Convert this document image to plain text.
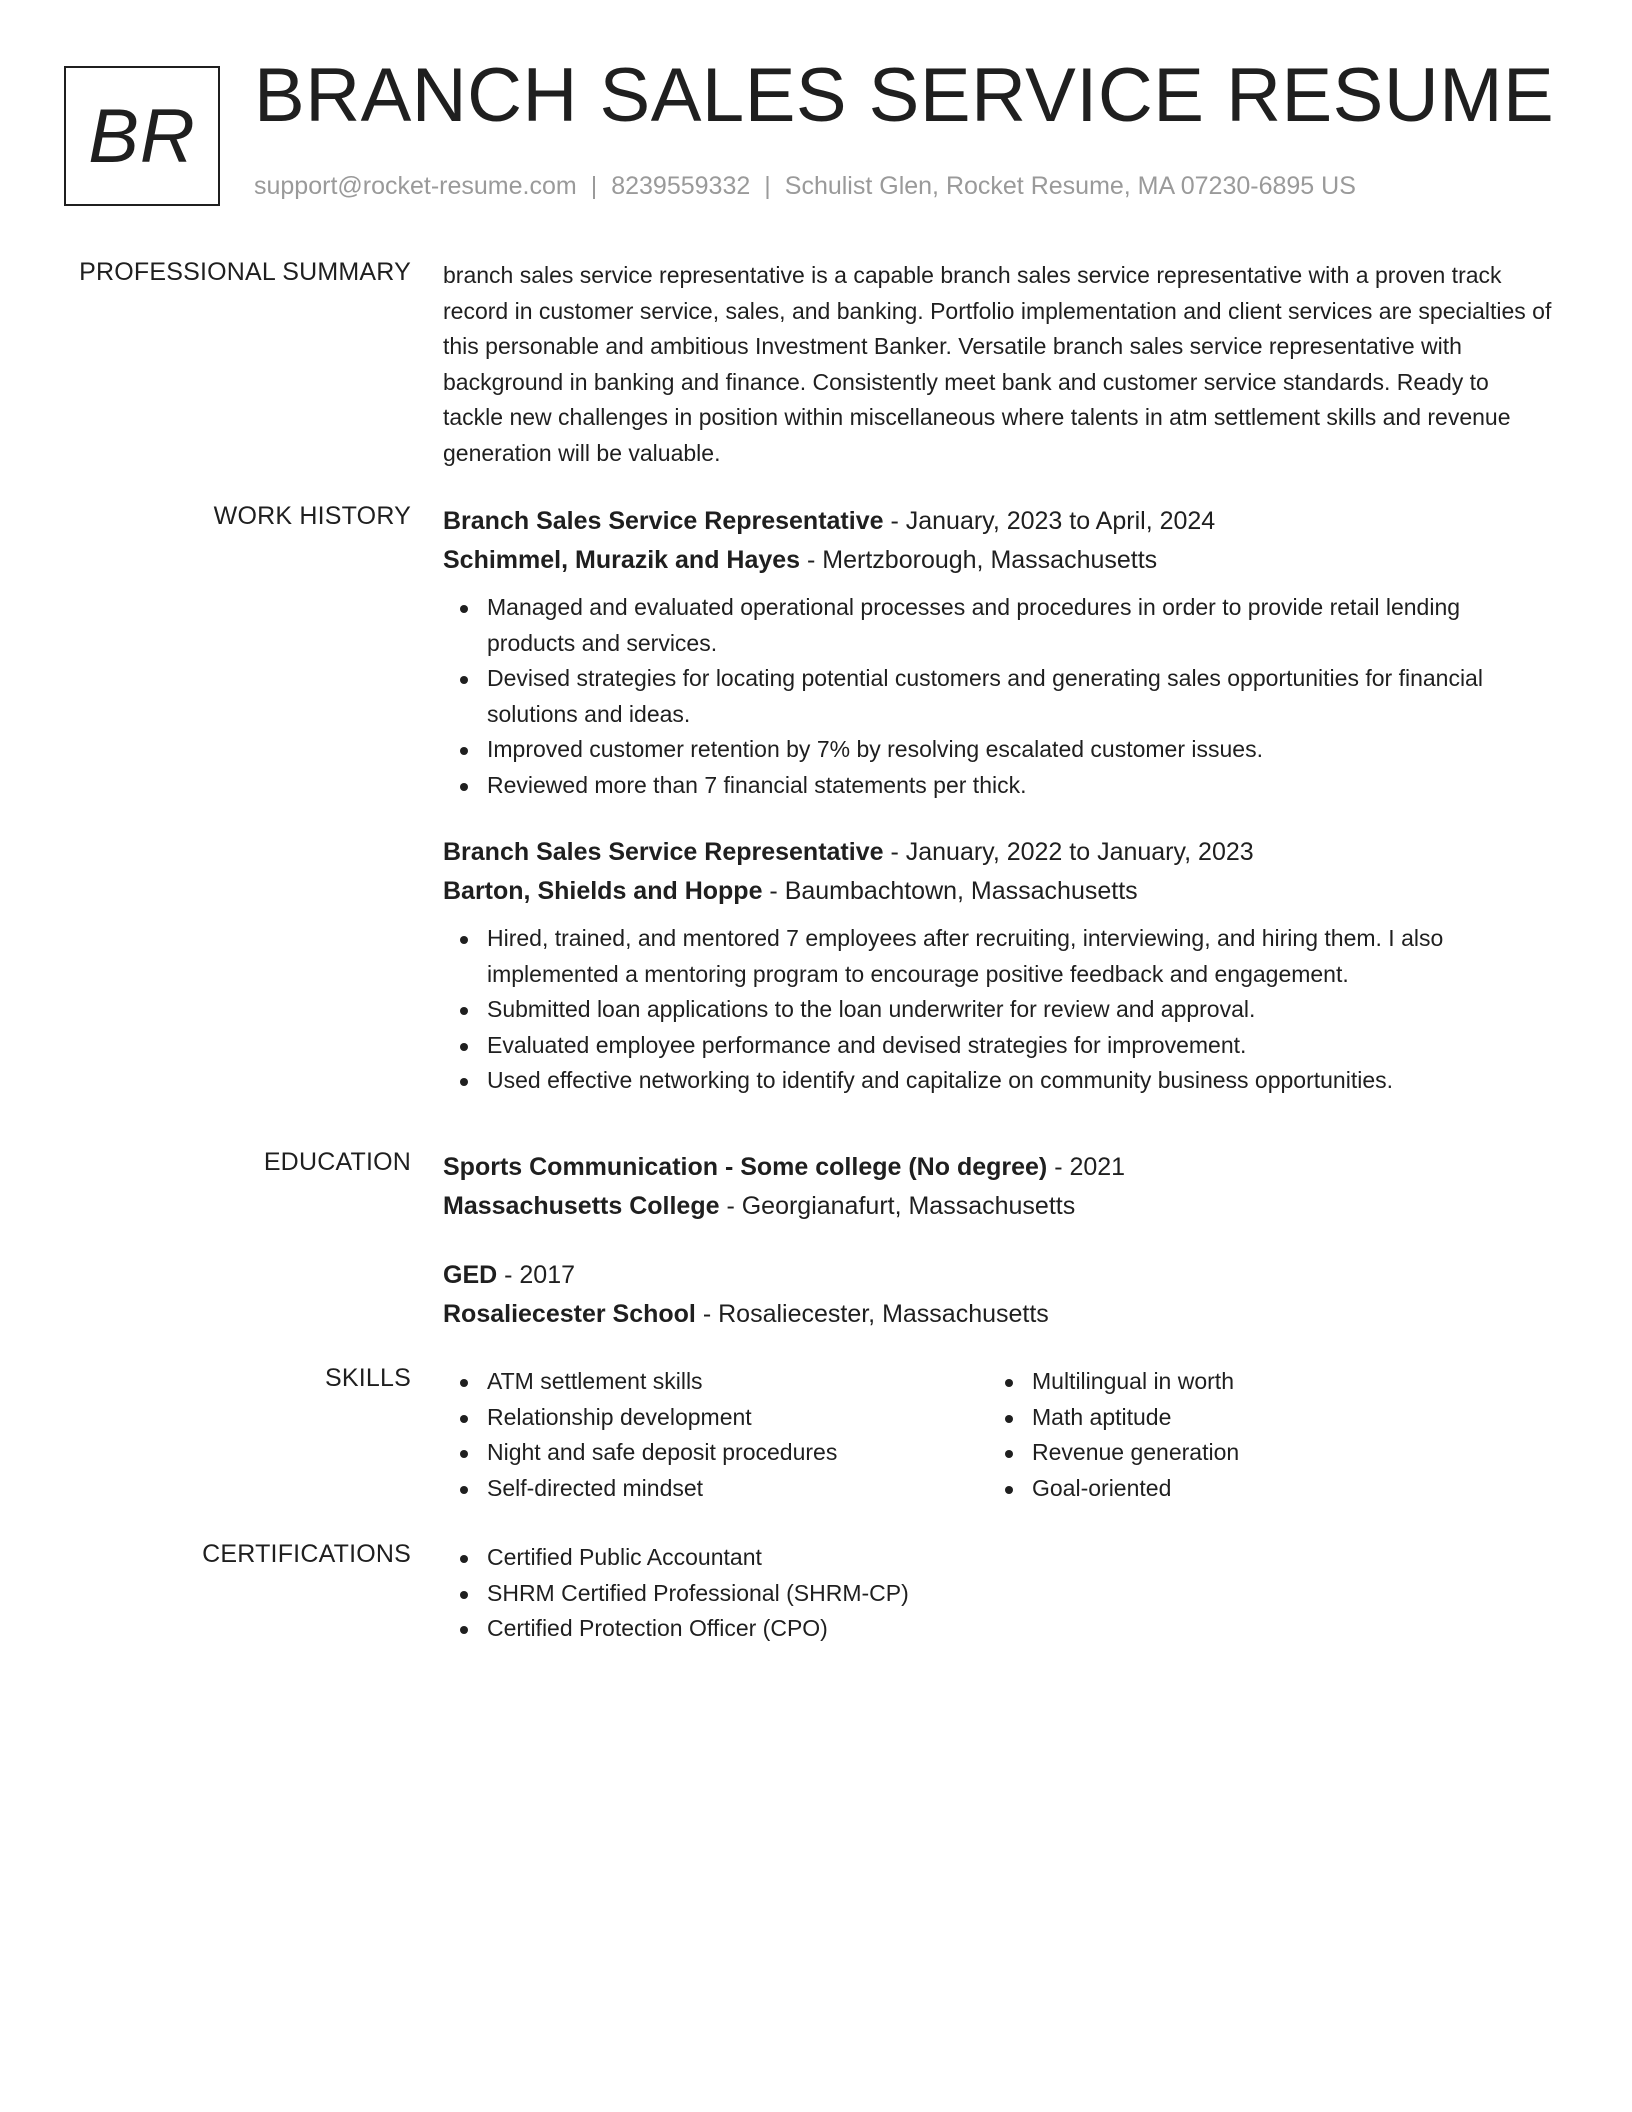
BR BRANCH SALES SERVICE RESUME
support@rocket-resume.com | 8239559332 | Schulist Glen, Rocket Resume, MA 07230-6895 US
PROFESSIONAL SUMMARY branch sales service representative is a capable branch sales service representative with a proven track record in customer service, sales, and banking. Portfolio implementation and client services are specialties of this personable and ambitious Investment Banker. Versatile branch sales service representative with background in banking and finance. Consistently meet bank and customer service standards. Ready to tackle new challenges in position within miscellaneous where talents in atm settlement skills and revenue generation will be valuable.

WORK HISTORY Branch Sales Service Representative - January, 2023 to April, 2024
Schimmel, Murazik and Hayes - Mertzborough, Massachusetts
Managed and evaluated operational processes and procedures in order to provide retail lending products and services.
Devised strategies for locating potential customers and generating sales opportunities for financial solutions and ideas.
Improved customer retention by 7% by resolving escalated customer issues.
Reviewed more than 7 financial statements per thick.
Branch Sales Service Representative - January, 2022 to January, 2023
Barton, Shields and Hoppe - Baumbachtown, Massachusetts
Hired, trained, and mentored 7 employees after recruiting, interviewing, and hiring them. I also implemented a mentoring program to encourage positive feedback and engagement.
Submitted loan applications to the loan underwriter for review and approval.
Evaluated employee performance and devised strategies for improvement.
Used effective networking to identify and capitalize on community business opportunities.
EDUCATION Sports Communication - Some college (No degree) - 2021
Massachusetts College - Georgianafurt, Massachusetts
GED - 2017
Rosaliecester School - Rosaliecester, Massachusetts
SKILLS	ATM settlement skills
Relationship development
Night and safe deposit procedures
Self-directed mindset
Multilingual in worth
Math aptitude
Revenue generation
Goal-oriented
CERTIFICATIONS	Certified Public Accountant
SHRM Certified Professional (SHRM-CP)
Certified Protection Officer (CPO)
